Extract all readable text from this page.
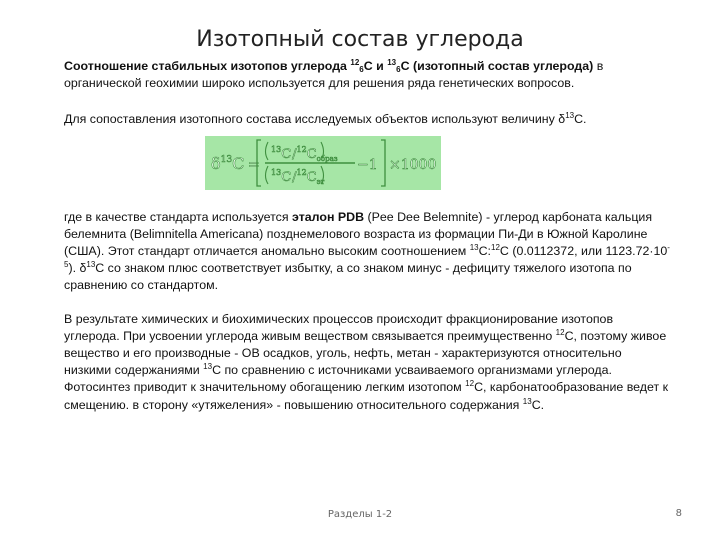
Изотопный состав углерода

Соотношение стабильных изотопов углерода $^{12}_6$С и $^{13}_6$С (изотопный состав углерода) в органической геохимии широко используется для решения ряда генетических вопросов.

Для сопоставления изотопного состава исследуемых объектов используют величину $\delta^{13}С$.

$\delta^{13}С$ =
$^{13}С/^{12}С_{образ}$
$^{13}С/^{12}С_{эт}$
−1 ×1000

где в качестве стандарта используется эталон PDB (Pee Dee Belemnite) - углерод карбоната кальция белемнита (Belimnitella Americana) позднемелового возраста из формации Пи-Ди в Южной Каролине (США). Этот стандарт отличается аномально высоким соотношением $^{13}$С:$^{12}$С (0.0112372, или $1123.72\cdot 10^{-5}$). $\delta^{13}С$ со знаком плюс соответствует избытку, а со знаком минус - дефициту тяжелого изотопа по сравнению со стандартом.

В результате химических и биохимических процессов происходит фракционирование изотопов углерода. При усвоении углерода живым веществом связывается преимущественно $^{12}$С, поэтому живое вещество и его производные - ОВ осадков, уголь, нефть, метан - характеризуются относительно низкими содержаниями $^{13}$С по сравнению с источниками усваиваемого организмами углерода.

Фотосинтез приводит к значительному обогащению легким изотопом $^{12}$С, карбонатообразование ведет к смещению. в сторону «утяжеления» - повышению относительного содержания $^{13}$С.

Разделы 1-2	8
